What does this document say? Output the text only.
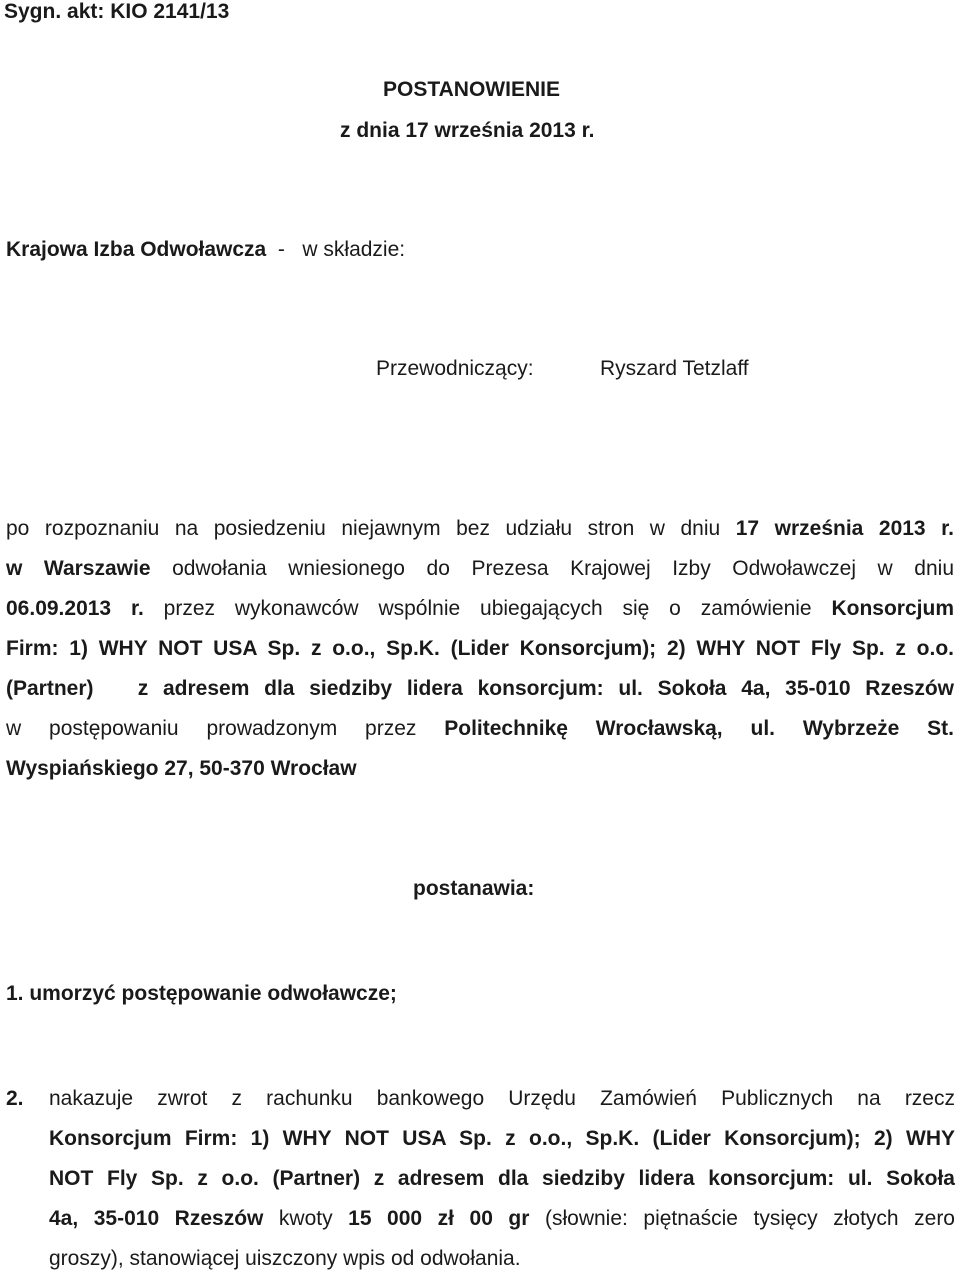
Sygn. akt: KIO 2141/13
POSTANOWIENIE
z dnia 17 września 2013 r.
Krajowa Izba Odwoławcza  -   w składzie:
Przewodniczący:	Ryszard Tetzlaff
po rozpoznaniu na posiedzeniu niejawnym bez udziału stron w dniu 17 września 2013 r.
w Warszawie odwołania wniesionego do Prezesa Krajowej Izby Odwoławczej w dniu
06.09.2013 r. przez wykonawców wspólnie ubiegających się o zamówienie Konsorcjum
Firm: 1) WHY NOT USA Sp. z o.o., Sp.K. (Lider Konsorcjum); 2) WHY NOT Fly Sp. z o.o.
(Partner)   z adresem dla siedziby lidera konsorcjum: ul. Sokoła 4a, 35-010 Rzeszów
w postępowaniu prowadzonym przez Politechnikę Wrocławską, ul. Wybrzeże St.
Wyspiańskiego 27, 50-370 Wrocław
postanawia:
1. umorzyć postępowanie odwoławcze;
2. nakazuje zwrot z rachunku bankowego Urzędu Zamówień Publicznych na rzecz
Konsorcjum Firm: 1) WHY NOT USA Sp. z o.o., Sp.K. (Lider Konsorcjum); 2) WHY
NOT Fly Sp. z o.o. (Partner) z adresem dla siedziby lidera konsorcjum: ul. Sokoła
4a, 35-010 Rzeszów kwoty 15 000 zł 00 gr (słownie: piętnaście tysięcy złotych zero
groszy), stanowiącej uiszczony wpis od odwołania.
